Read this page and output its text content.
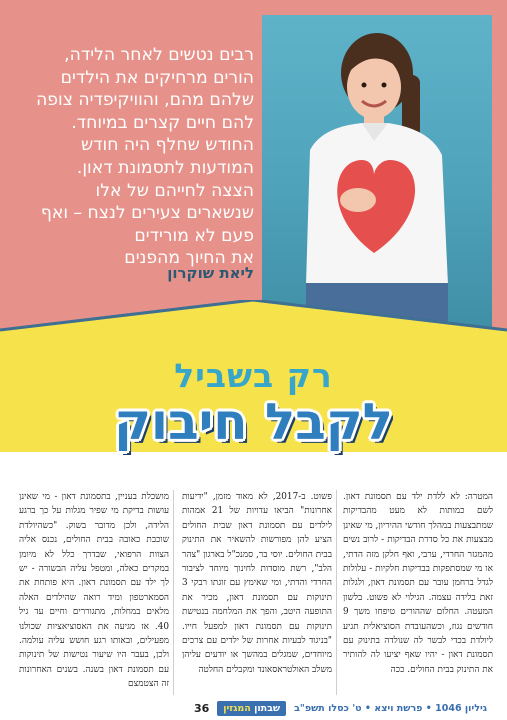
רבים נטשים לאחר הלידה,
הורים מרחיקים את הילדים
שלהם מהם, והוויקיפדיה צופה
להם חיים קצרים במיוחד.
החודש שחלף היה חודש
המודעות לתסמונת דאון.
הצצה לחייהם של אלו
שנשארים צעירים לנצח – ואף
פעם לא מורידים
את החיוך מהפנים
ליאת שוקרון
רק בשביל
לקבל חיבוק
המטרה: לא ללדת ילד עם תסמונת דאון. לשם כמותות לא מעט מהבדיקות שמתבצעות במהלך חודשי ההיריון, מי שאינן מבצעות את כל סדרת הבדיקות - לרוב נשים מהמגזר החרדי, ערבי, ואף חלקן מזה הדתי, או מי שמסתפקות בבדיקות חלקיות - עלולות לגדל ברחמן עובר עם תסמונת דאון, ולגלות זאת בלידה עצמה. הגילוי לא פשוט. בלשון המעטה. החלום שההורים טיפחו משך 9 חודשים נגוז, וכשהעובדת הסוציאלית תגיע ליולדת בכדי לבשר לה שנולדה בתינוק עם תסמונת דאון - יהיו שאף יציעו לה להותיר את התינוק בבית החולים. ככה
פשוט. ב-2017, לא מאוד מזמן, "ידיעות אחרונות" הביאו עדויות של 21 אמהות לילדים עם תסמונת דאון שבית החולים הציע להן מפורשות להשאיר את התינוק בבית החולים. יוסי בר, סמנכ"ל בארגון "צהר הלב", רשת מוסדות לחינוך מיוחד לציבור החרדי והדתי, ומי שאימץ עם זוגתו רבקי 3 תינוקות עם תסמונת דאון, מכיר את התופעה היטב, והפך את המלחמה בנטישת תינוקות עם תסמונת דאון למפעל חייו. "בניגוד לבעיות אחרות של ילדים עם צרכים מיוחדים, שמגלים במהשך או יודעים עליהן משלב האולטראסאונד ומקבלים החלטה
מושכלת בעניין, בתסמונת דאון - מי שאינן עושות בדיקת מי שפיר מגלות על כך ברגע הלידה, ולכן מדובר בשוק. "כשהיולדת שוכבת כאובה בבית החולים, נכנס אליה הצוות הרפואי, שבדרך כלל לא מיומן במקרים כאלה, ומטפל עליה הבשורה - יש לך ילד עם תסמונת דאון. היא פותחת את הסמארטפון ומיד רואה שהילדים האלה מלאים במחלות, מתגוררים וחיים עד גיל 40. אז מגיעה את האסוציאציות שכולנו מפעילים, ובאותו רגע חושש עליה עולמה. ולכן, בעבר היו שיעור נטישות של תינוקות עם תסמונת דאון בשנה. בשנים האחרונות זה הצטמצם
36	שבתון המגזין	גיליון 1046 • פרשת ויצא • ט' כסלו תשפ"ב
